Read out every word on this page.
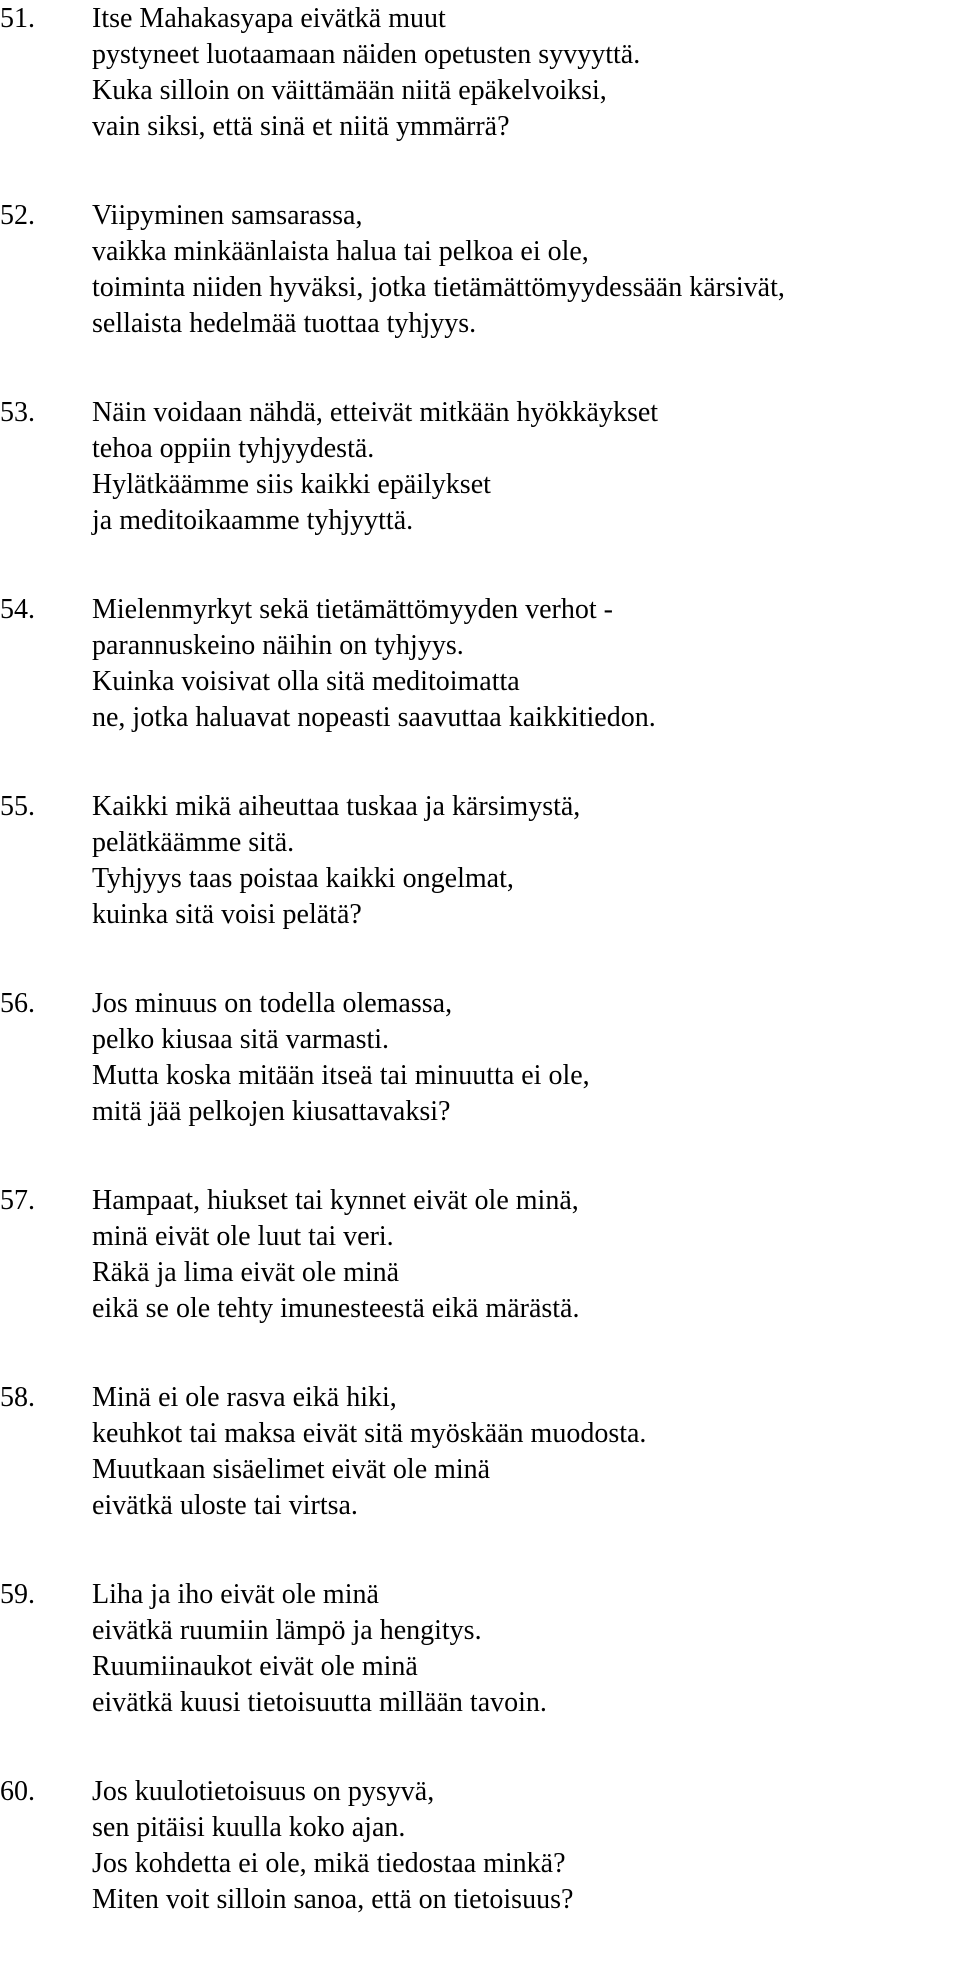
51. Itse Mahakasyapa eivätkä muut
pystyneet luotaamaan näiden opetusten syvyyttä.
Kuka silloin on väittämään niitä epäkelvoiksi,
vain siksi, että sinä et niitä ymmärrä?
52. Viipyminen samsarassa,
vaikka minkäänlaista halua tai pelkoa ei ole,
toiminta niiden hyväksi, jotka tietämättömyydessään kärsivät,
sellaista hedelmää tuottaa tyhjyys.
53. Näin voidaan nähdä, etteivät mitkään hyökkäykset
tehoa oppiin tyhjyydestä.
Hylätkäämme siis kaikki epäilykset
ja meditoikaamme tyhjyyttä.
54. Mielenmyrkyt sekä tietämättömyyden verhot -
parannuskeino näihin on tyhjyys.
Kuinka voisivat olla sitä meditoimatta
ne, jotka haluavat nopeasti saavuttaa kaikkitiedon.
55. Kaikki mikä aiheuttaa tuskaa ja kärsimystä,
pelätkäämme sitä.
Tyhjyys taas poistaa kaikki ongelmat,
kuinka sitä voisi pelätä?
56. Jos minuus on todella olemassa,
pelko kiusaa sitä varmasti.
Mutta koska mitään itseä tai minuutta ei ole,
mitä jää pelkojen kiusattavaksi?
57. Hampaat, hiukset tai kynnet eivät ole minä,
minä eivät ole luut tai veri.
Räkä ja lima eivät ole minä
eikä se ole tehty imunesteestä eikä märästä.
58. Minä ei ole rasva eikä hiki,
keuhkot tai maksa eivät sitä myöskään muodosta.
Muutkaan sisäelimet eivät ole minä
eivätkä uloste tai virtsa.
59. Liha ja iho eivät ole minä
eivätkä ruumiin lämpö ja hengitys.
Ruumiinaukot eivät ole minä
eivätkä kuusi tietoisuutta millään tavoin.
60. Jos kuulotietoisuus on pysyvä,
sen pitäisi kuulla koko ajan.
Jos kohdetta ei ole, mikä tiedostaa minkä?
Miten voit silloin sanoa, että on tietoisuus?
